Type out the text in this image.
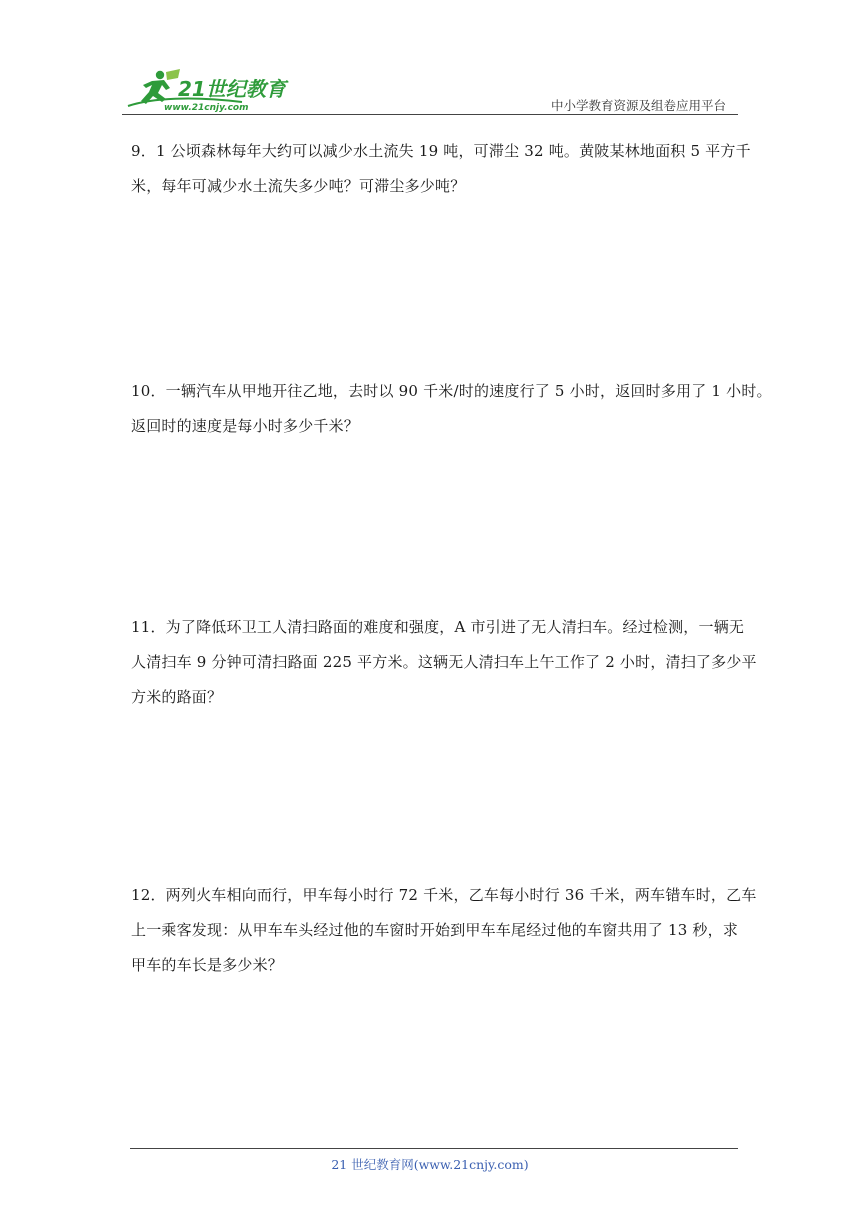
21世纪教育
www.21cnjy.com	中小学教育资源及组卷应用平台
9．1 公顷森林每年大约可以减少水土流失 19 吨，可滞尘 32 吨。黄陂某林地面积 5 平方千
米，每年可减少水土流失多少吨？可滞尘多少吨？
10．一辆汽车从甲地开往乙地，去时以 90 千米/时的速度行了 5 小时，返回时多用了 1 小时。
返回时的速度是每小时多少千米？
11．为了降低环卫工人清扫路面的难度和强度，A 市引进了无人清扫车。经过检测，一辆无
人清扫车 9 分钟可清扫路面 225 平方米。这辆无人清扫车上午工作了 2 小时，清扫了多少平
方米的路面？
12．两列火车相向而行，甲车每小时行 72 千米，乙车每小时行 36 千米，两车错车时，乙车
上一乘客发现：从甲车车头经过他的车窗时开始到甲车车尾经过他的车窗共用了 13 秒，求
甲车的车长是多少米？
21 世纪教育网(www.21cnjy.com)
